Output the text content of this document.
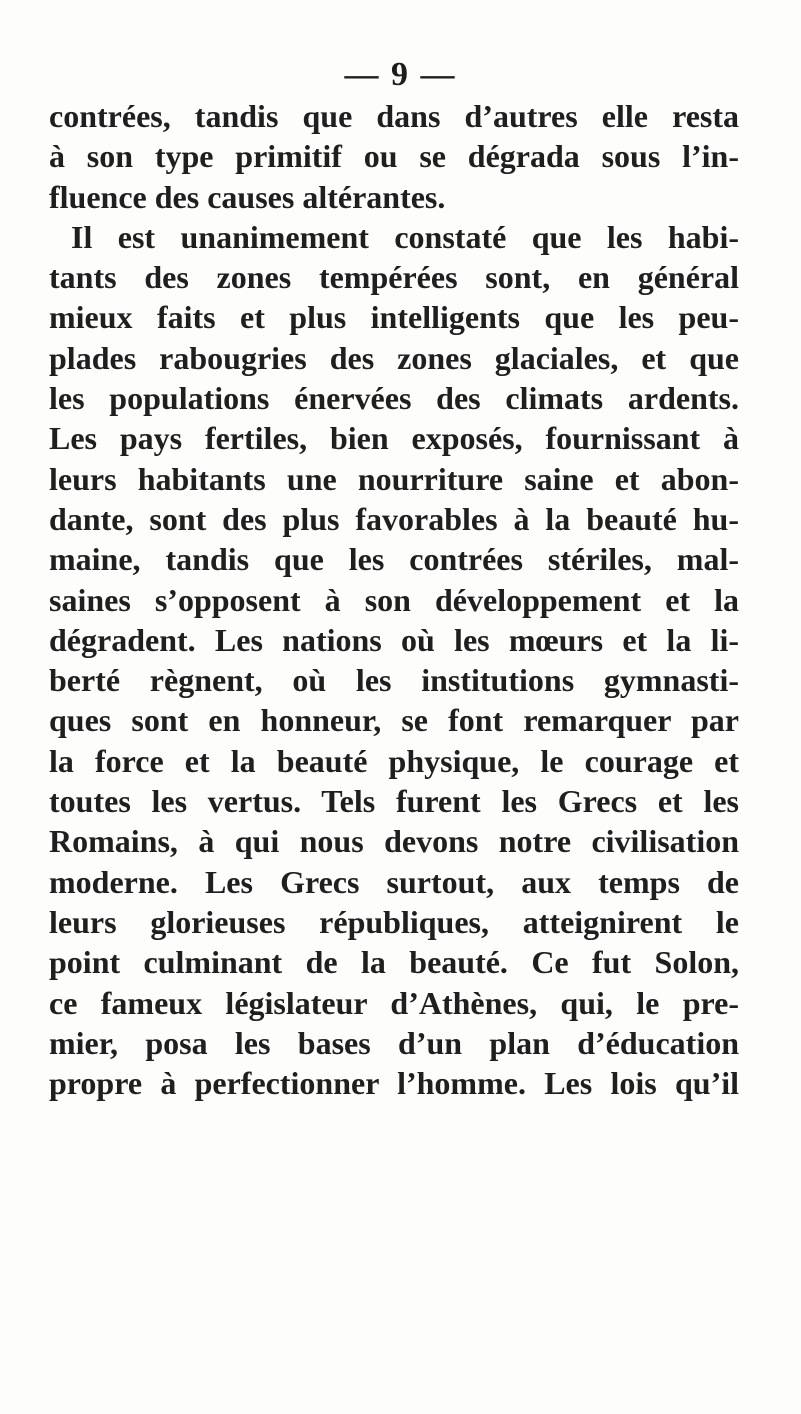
— 9 —
contrées, tandis que dans d’autres elle resta
à son type primitif ou se dégrada sous l’in-
fluence des causes altérantes.
Il est unanimement constaté que les habi-
tants des zones tempérées sont, en général
mieux faits et plus intelligents que les peu-
plades rabougries des zones glaciales, et que
les populations énervées des climats ardents.
Les pays fertiles, bien exposés, fournissant à
leurs habitants une nourriture saine et abon-
dante, sont des plus favorables à la beauté hu-
maine, tandis que les contrées stériles, mal-
saines s’opposent à son développement et la
dégradent. Les nations où les mœurs et la li-
berté règnent, où les institutions gymnasti-
ques sont en honneur, se font remarquer par
la force et la beauté physique, le courage et
toutes les vertus. Tels furent les Grecs et les
Romains, à qui nous devons notre civilisation
moderne. Les Grecs surtout, aux temps de
leurs glorieuses républiques, atteignirent le
point culminant de la beauté. Ce fut Solon,
ce fameux législateur d’Athènes, qui, le pre-
mier, posa les bases d’un plan d’éducation
propre à perfectionner l’homme. Les lois qu’il
